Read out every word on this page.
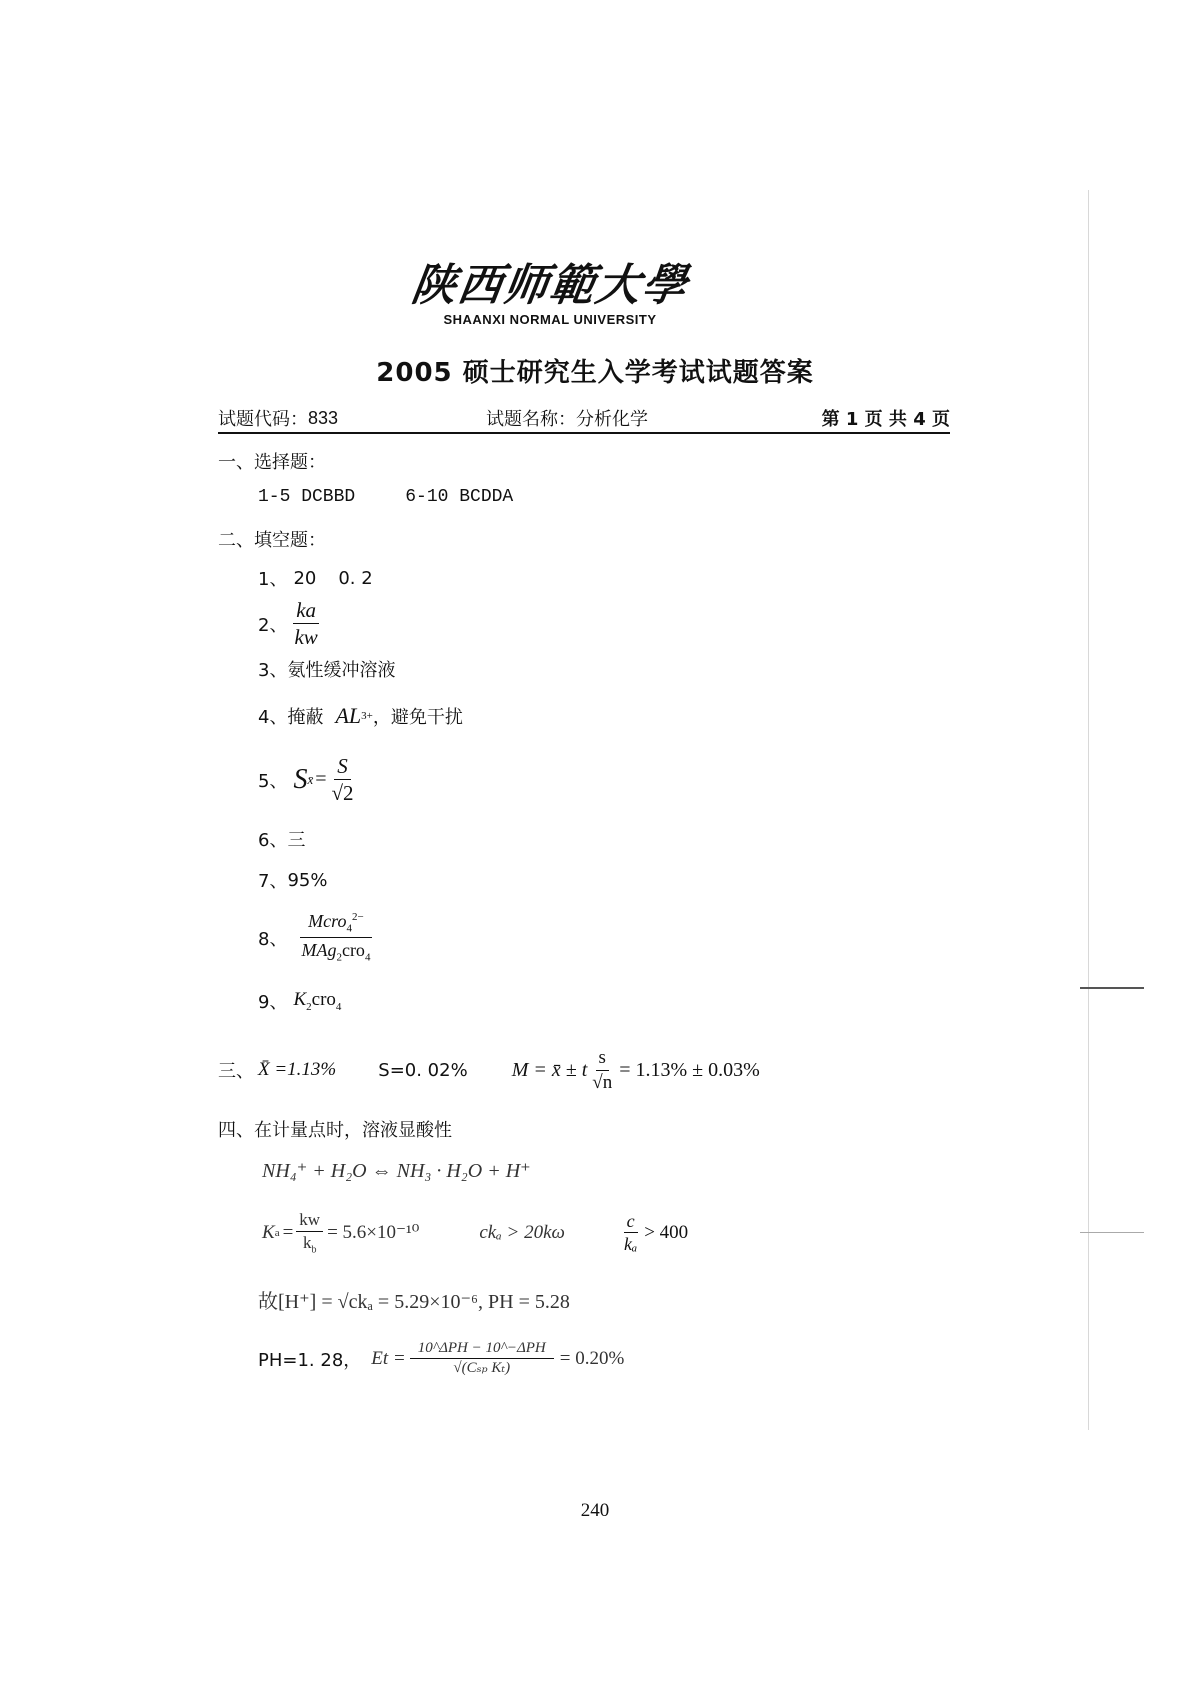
陕西师範大學
SHAANXI NORMAL UNIVERSITY
2005 硕士研究生入学考试试题答案
试题代码： 833	试题名称： 分析化学	第 1 页 共 4 页
一、选择题：
1-5 DCBBD	6-10 BCDDA
二、填空题：
1、 20 0. 2
2、 $\frac{ka}{kw}$
3、 氨性缓冲溶液
4、 掩蔽 AL 3+ ，避免干扰
5、 S x̄ = $\frac{S}{√2}$
6、 三
7、 95%
8、 $\frac{Mcro_4^{2-}}{MAg_2cro_4}$
9、 $K_2cro_4$
三、 X̄ =1.13% S=0. 02% M = x̄ ± t $\frac{s}{√n} = 1.13\% \pm 0.03\%$
四、在计量点时，溶液显酸性
NH₄⁺ + H₂O ⇔ NH₃ · H₂O + H⁺
K $a = \frac{kw}{k_b} = 5.6\times 10^{-10}$	ckₐ > 20kω	$\frac{c}{\text{kₐ}} > 400$
故[H⁺] = √ckₐ = 5.29×10⁻⁶, PH = 5.28
PH=1. 28， $Et = \frac{\text{10\textasciicircum{}ΔPH − 10\textasciicircum{}−ΔPH}}{\text{√(Cₛₚ Kₜ)}} = 0.20\%$
240
